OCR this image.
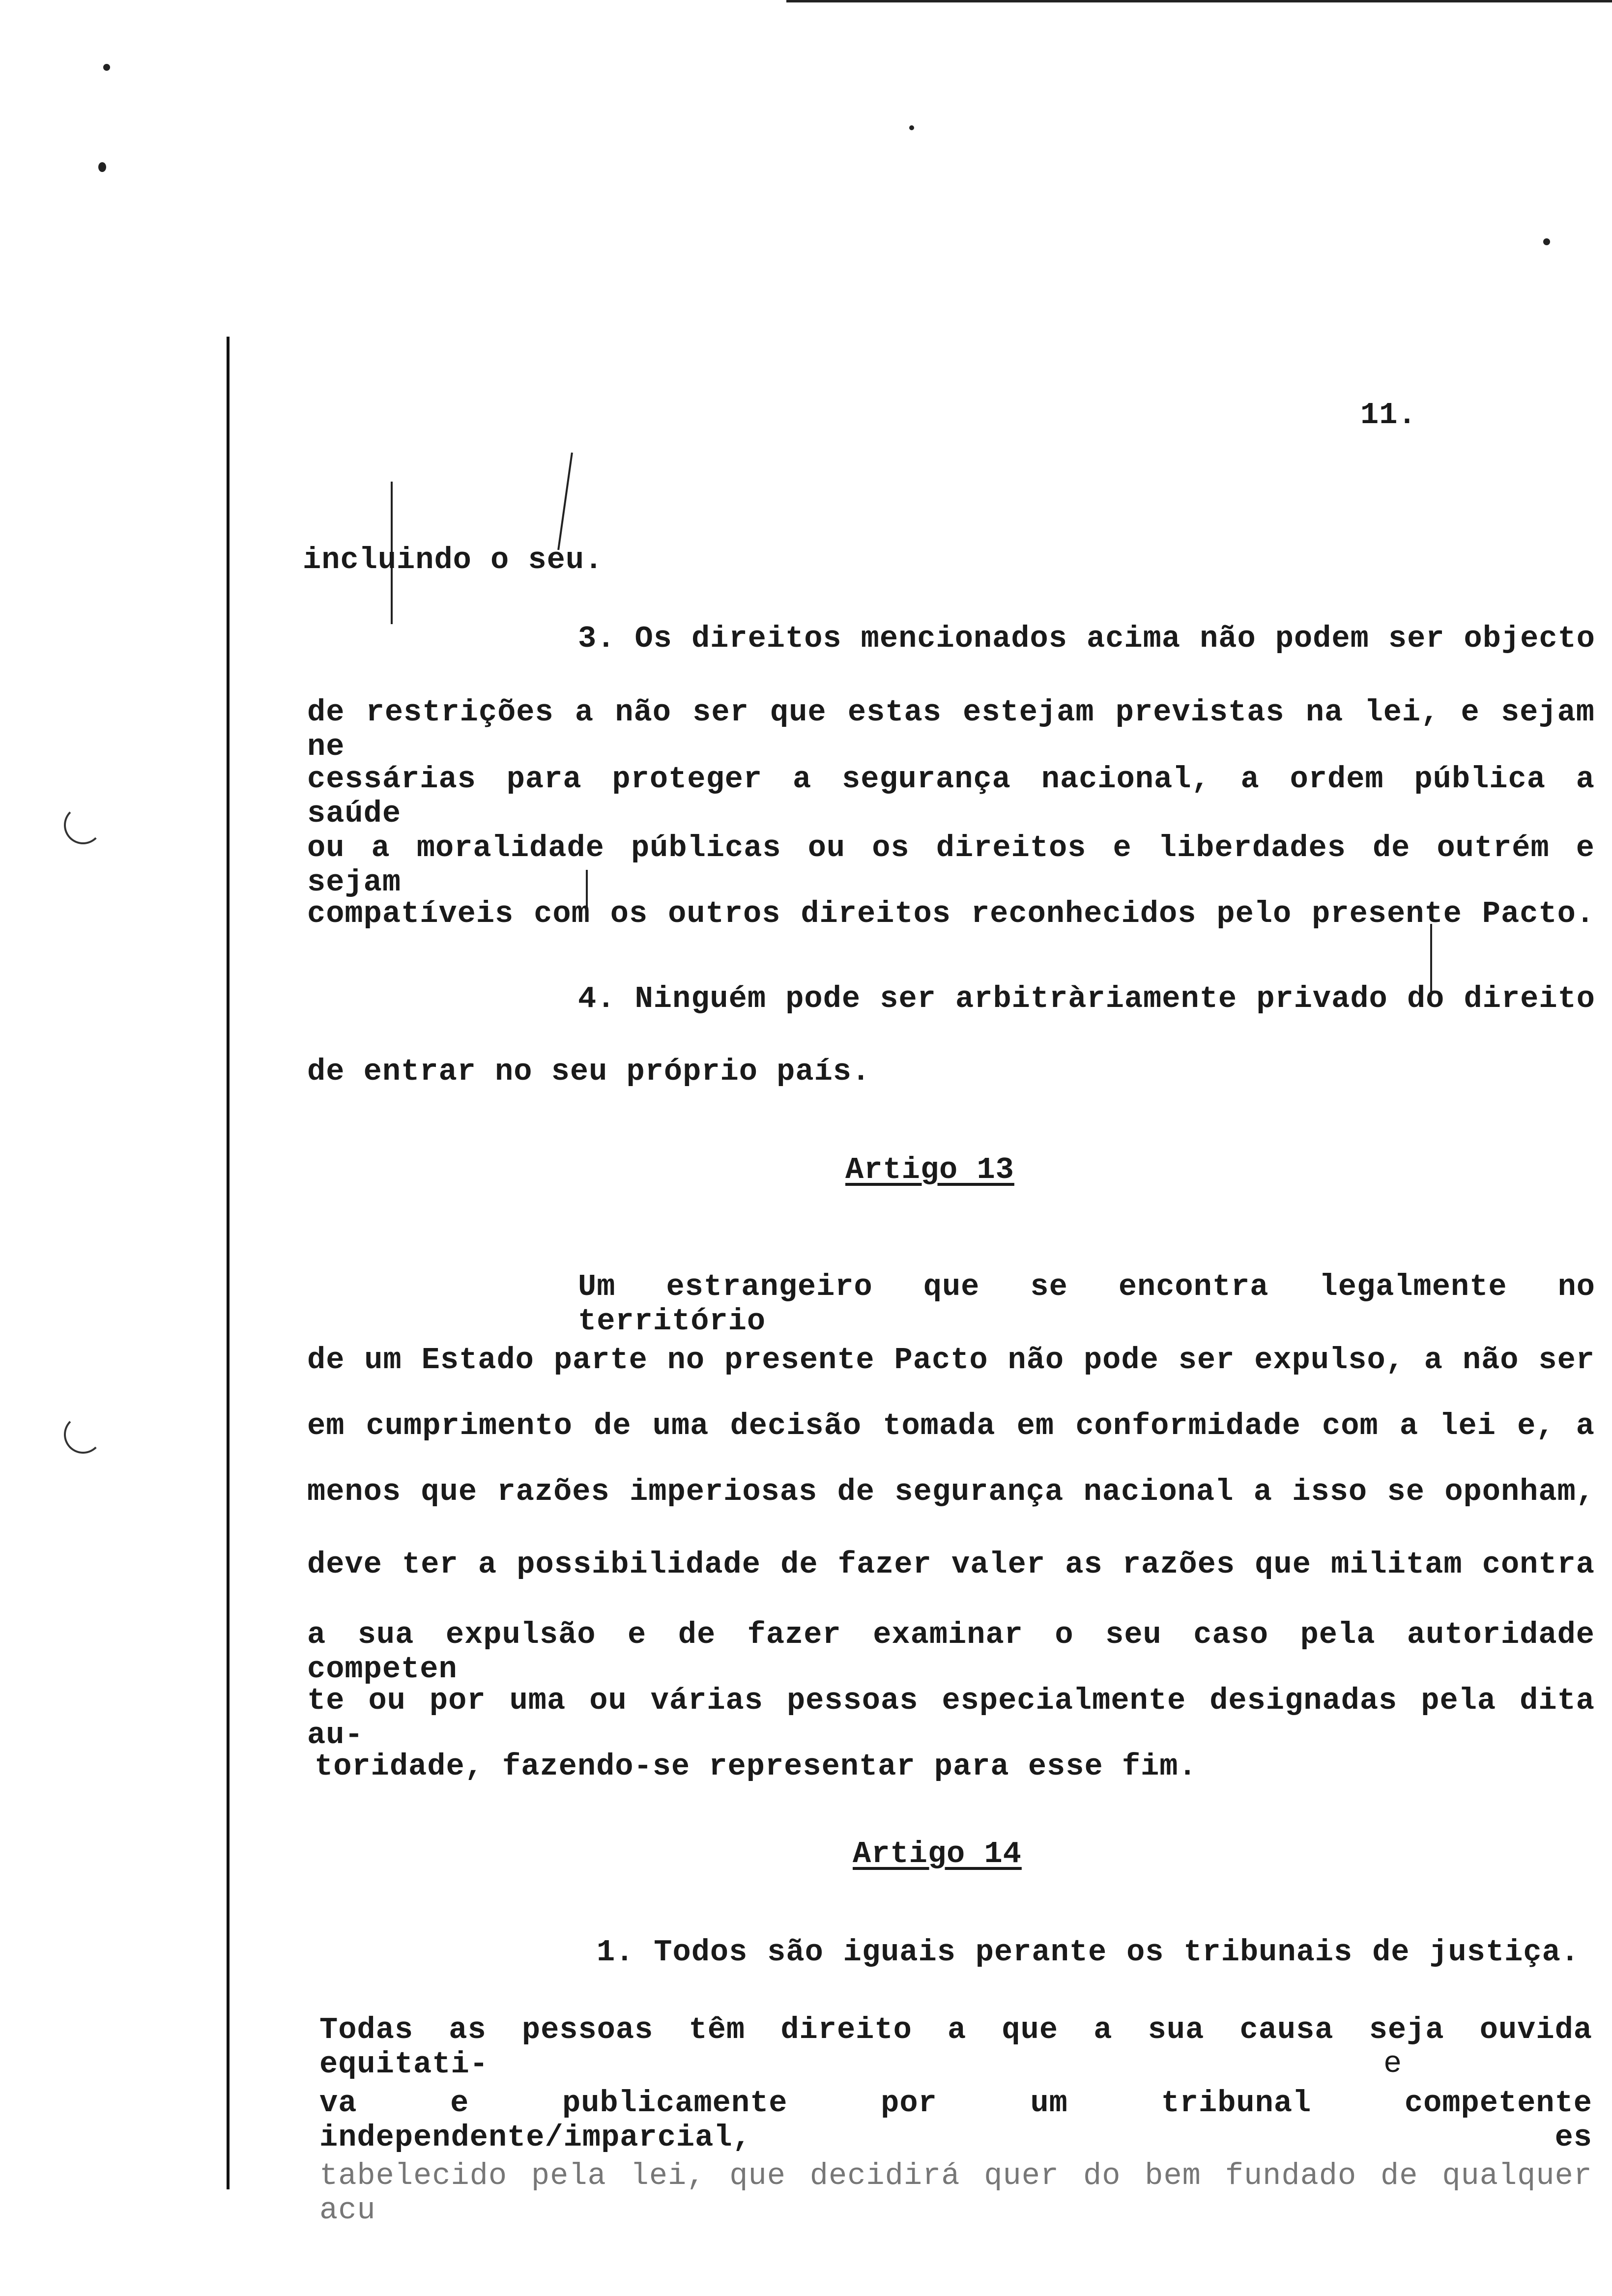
11.
incluindo o seu.
3. Os direitos mencionados acima não podem ser objecto
de restrições a não ser que estas estejam previstas na lei, e sejam ne
cessárias para proteger a segurança nacional, a ordem pública a saúde
ou a moralidade públicas ou os direitos e liberdades de outrém e sejam
compatíveis com os outros direitos reconhecidos pelo presente Pacto.
4. Ninguém pode ser arbitràriamente privado do direito
de entrar no seu próprio país.
Artigo 13
Um estrangeiro que se encontra legalmente no território
de um Estado parte no presente Pacto não pode ser expulso, a não ser
em cumprimento de uma decisão tomada em conformidade com a lei e, a
menos que razões imperiosas de segurança nacional a isso se oponham,
deve ter a possibilidade de fazer valer as razões que militam contra
a sua expulsão e de fazer examinar o seu caso pela autoridade competen
te ou por uma ou várias pessoas especialmente designadas pela dita au-
toridade, fazendo-se representar para esse fim.
Artigo 14
1. Todos são iguais perante os tribunais de justiça.
Todas as pessoas têm direito a que a sua causa seja ouvida equitati-	e
va e publicamente por um tribunal competente independente/imparcial, es
tabelecido pela lei, que decidirá quer do bem fundado de qualquer acu
